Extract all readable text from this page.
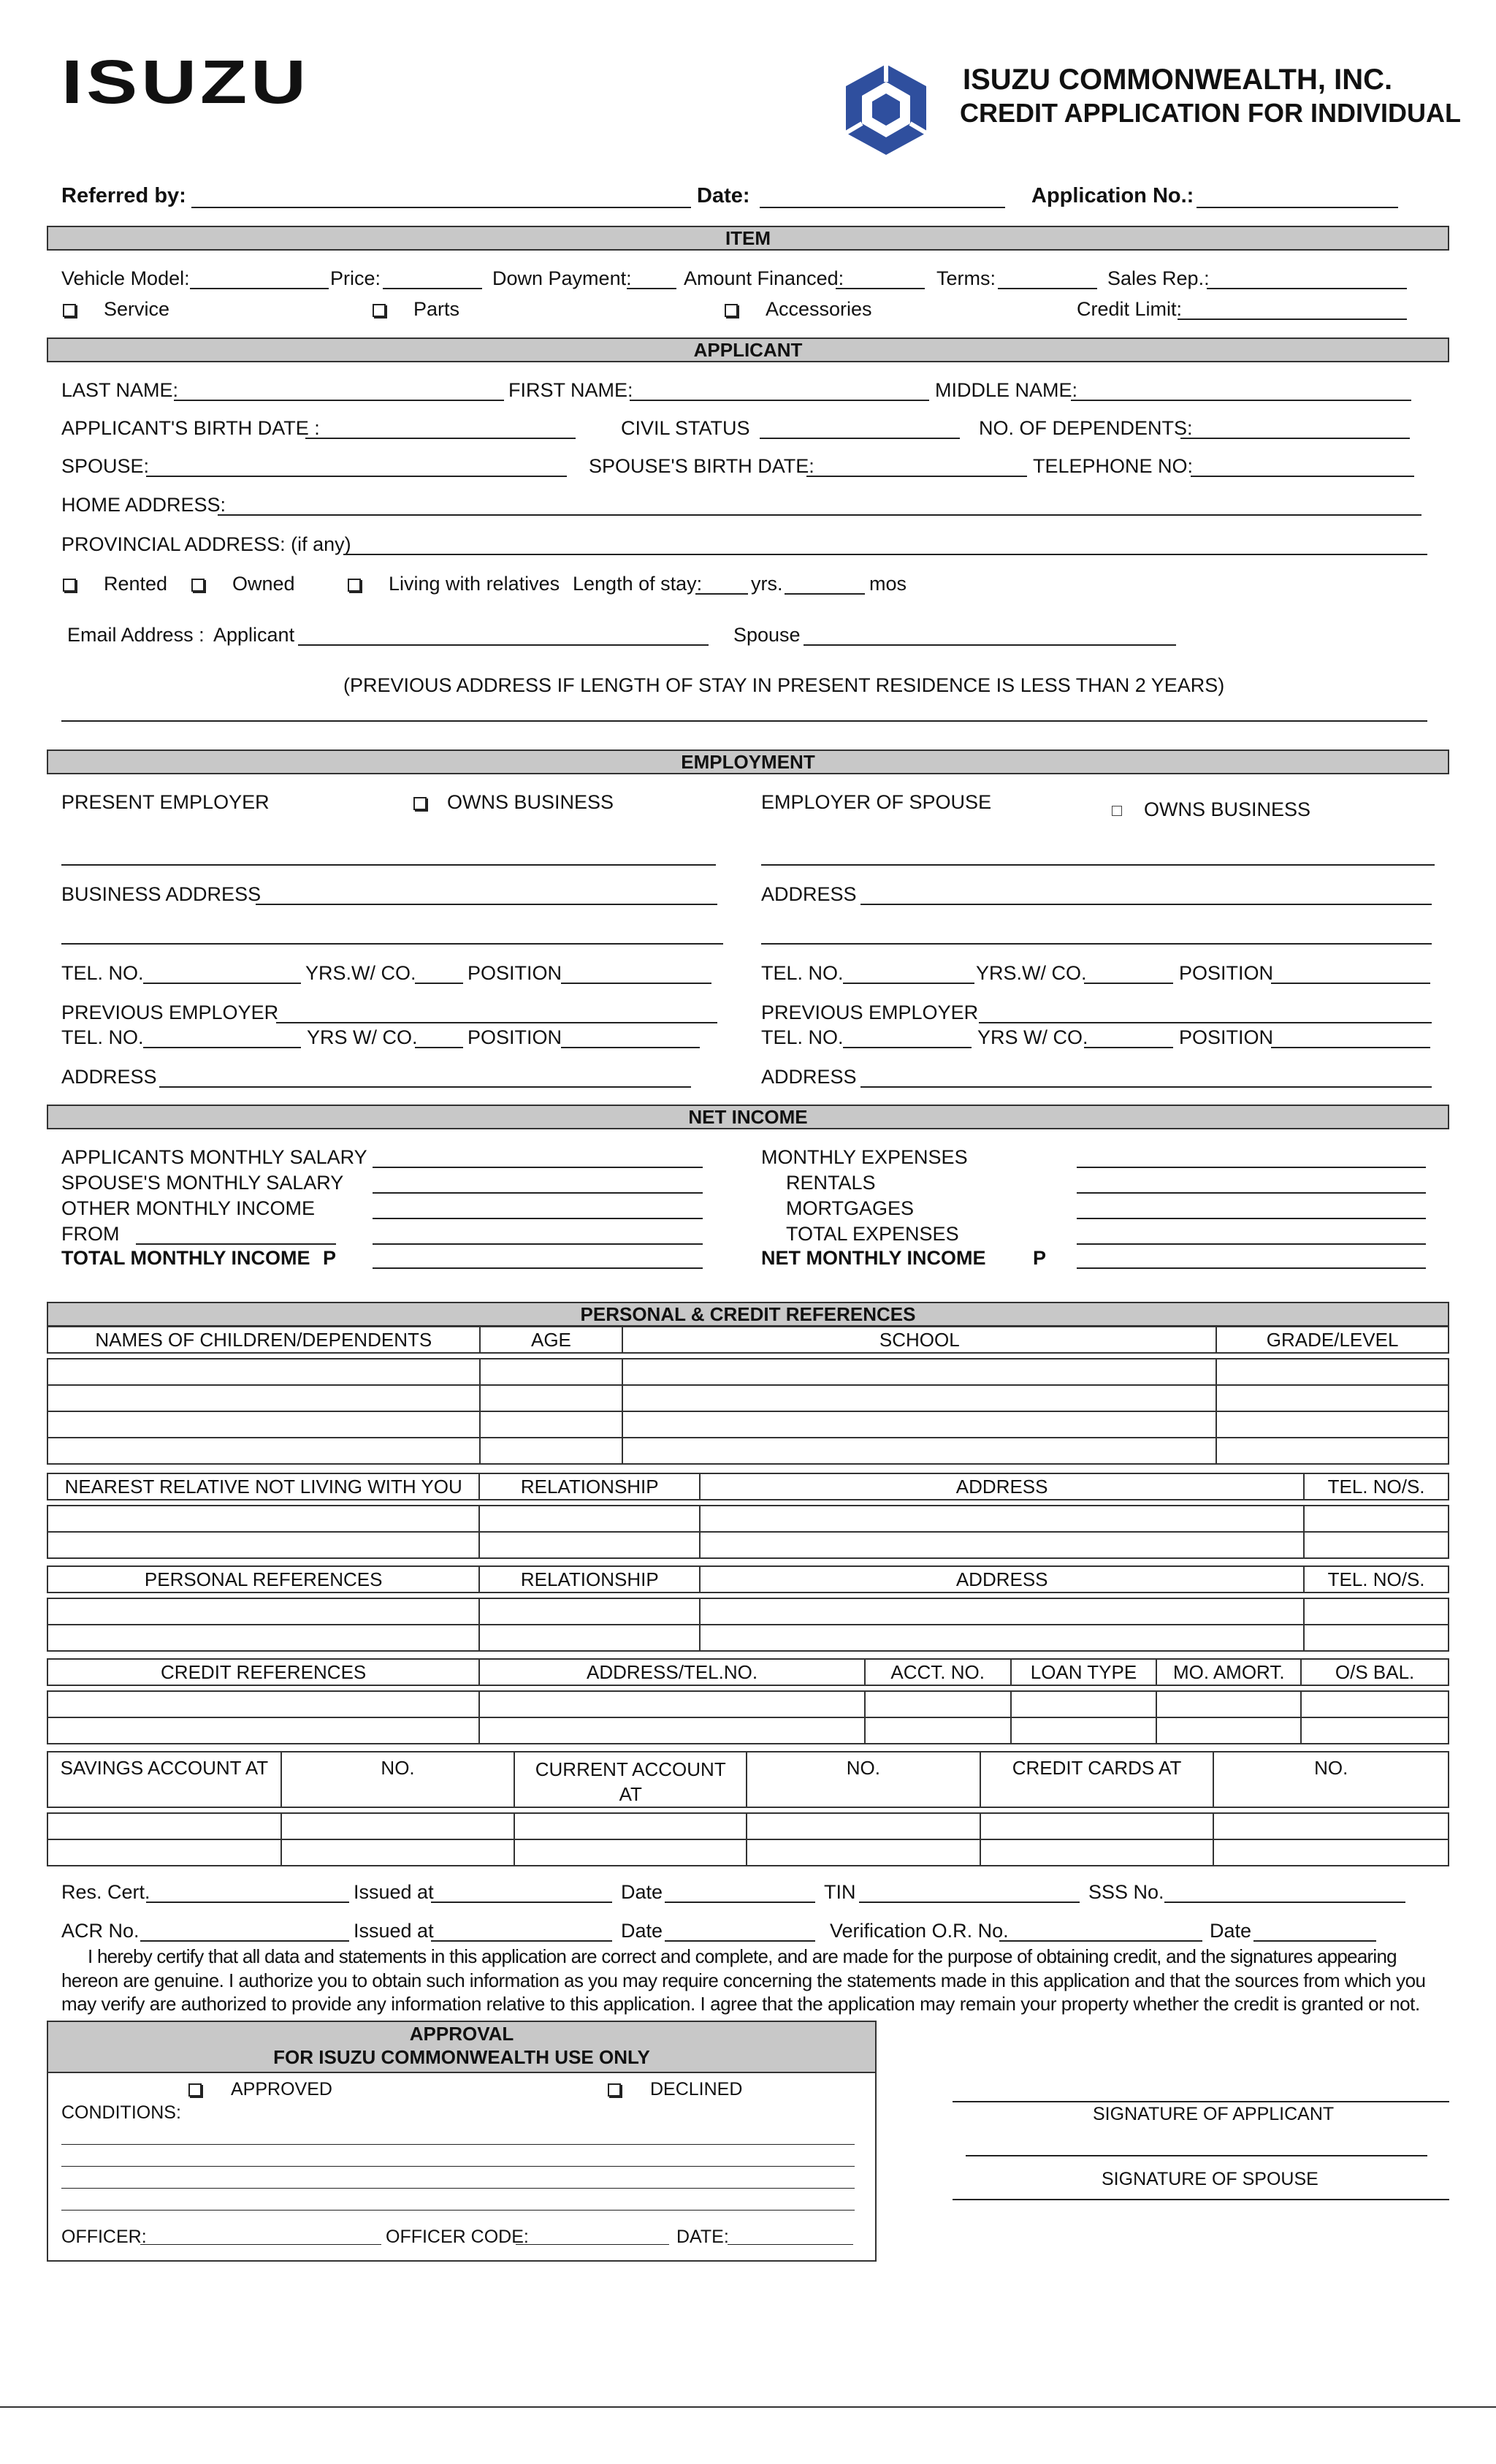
ISUZU	ISUZU COMMONWEALTH, INC.
CREDIT APPLICATION FOR INDIVIDUAL
Referred by:	Date:	Application No.:
ITEM
Vehicle Model:	Price:	Down Payment:	Amount Financed:	Terms:	Sales Rep.:
Service	Parts	Accessories	Credit Limit:
APPLICANT
LAST NAME:	FIRST NAME:	MIDDLE NAME:
APPLICANT'S BIRTH DATE :	CIVIL STATUS	NO. OF DEPENDENTS:
SPOUSE:	SPOUSE'S BIRTH DATE:	TELEPHONE NO:
HOME ADDRESS:
PROVINCIAL ADDRESS: (if any)
Rented	Owned	Living with relatives Length of stay: yrs.	mos
Email Address : Applicant	Spouse
(PREVIOUS ADDRESS IF LENGTH OF STAY IN PRESENT RESIDENCE IS LESS THAN 2 YEARS)
EMPLOYMENT
PRESENT EMPLOYER	OWNS BUSINESS	EMPLOYER OF SPOUSE	OWNS BUSINESS
BUSINESS ADDRESS	ADDRESS
TEL. NO.	YRS.W/ CO.	POSITION	TEL. NO.	YRS.W/ CO.	POSITION
PREVIOUS EMPLOYER	PREVIOUS EMPLOYER
TEL. NO.	YRS W/ CO.	POSITION	TEL. NO.	YRS W/ CO.	POSITION
ADDRESS	ADDRESS
NET INCOME
APPLICANTS MONTHLY SALARY
SPOUSE'S MONTHLY SALARY
OTHER MONTHLY INCOME
FROM
TOTAL MONTHLY INCOME P
MONTHLY EXPENSES
RENTALS
MORTGAGES
TOTAL EXPENSES
NET MONTHLY INCOME P
PERSONAL & CREDIT REFERENCES
NAMES OF CHILDREN/DEPENDENTS	AGE	SCHOOL	GRADE/LEVEL

NEAREST RELATIVE NOT LIVING WITH YOU	RELATIONSHIP	ADDRESS	TEL. NO/S.

PERSONAL REFERENCES	RELATIONSHIP	ADDRESS	TEL. NO/S.

CREDIT REFERENCES	ADDRESS/TEL.NO.	ACCT. NO.	LOAN TYPE	MO. AMORT.	O/S BAL.

SAVINGS ACCOUNT AT	NO.	CURRENT ACCOUNT AT	NO.	CREDIT CARDS AT	NO.

Res. Cert.	Issued at	Date	TIN	SSS No.
ACR No.	Issued at	Date	Verification O.R. No.	Date
I hereby certify that all data and statements in this application are correct and complete, and are made for the purpose of obtaining credit, and the signatures appearing
hereon are genuine. I authorize you to obtain such information as you may require concerning the statements made in this application and that the sources from which you
may verify are authorized to provide any information relative to this application. I agree that the application may remain your property whether the credit is granted or not.
APPROVAL
FOR ISUZU COMMONWEALTH USE ONLY
APPROVED	DECLINED
CONDITIONS:
OFFICER:	OFFICER CODE:	DATE:
SIGNATURE OF APPLICANT
SIGNATURE OF SPOUSE
